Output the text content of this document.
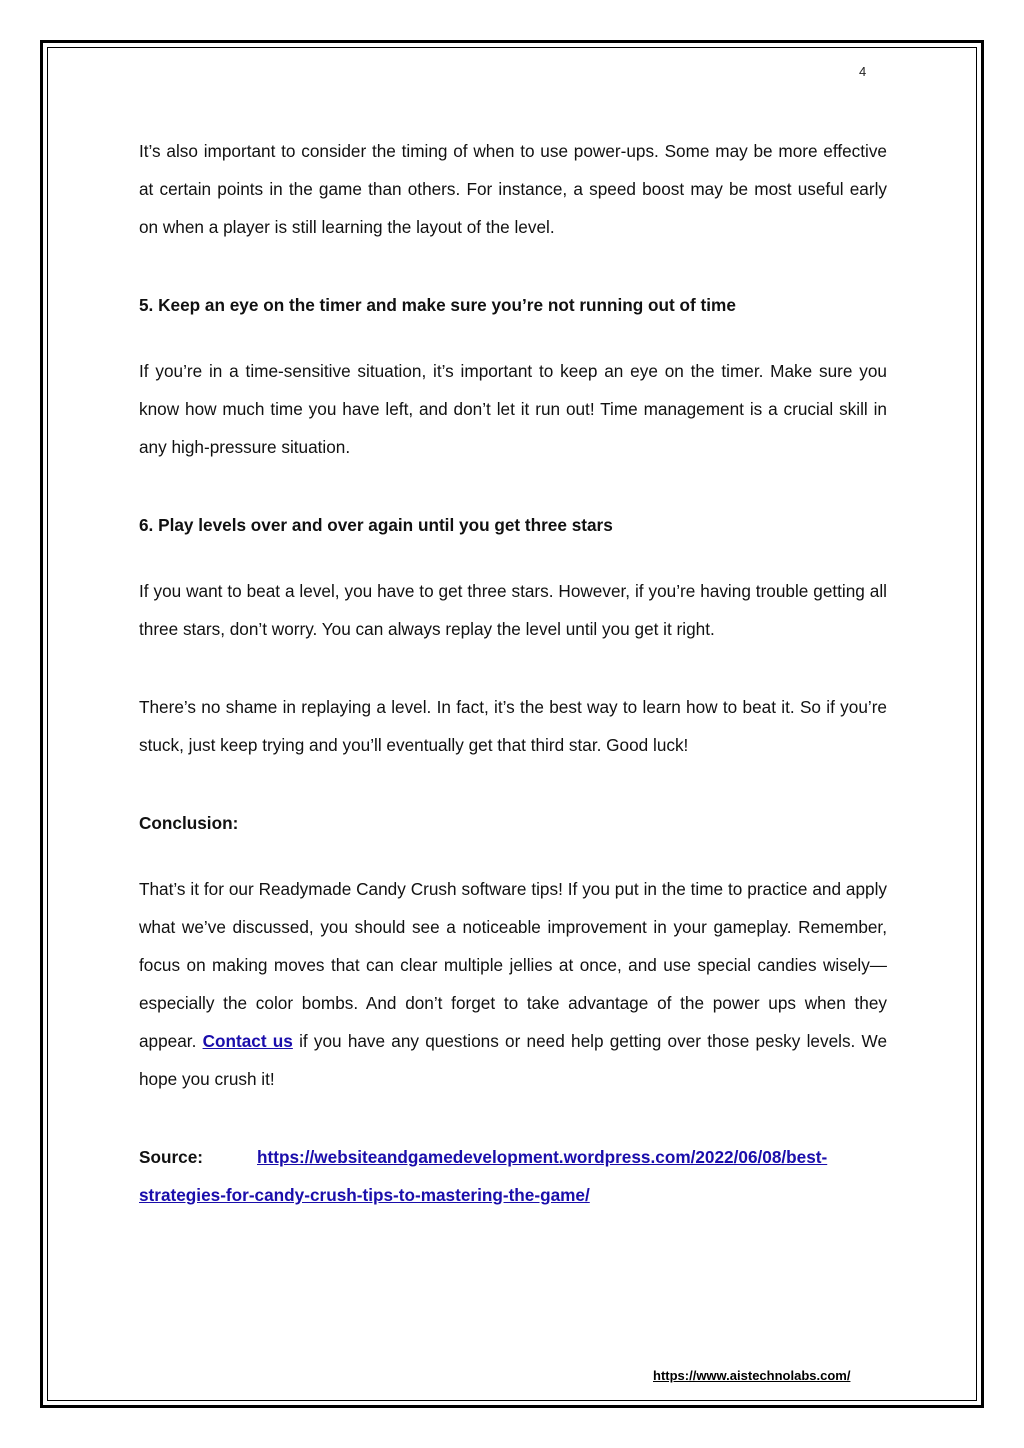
4

It’s also important to consider the timing of when to use power-ups. Some may be more effective at certain points in the game than others. For instance, a speed boost may be most useful early on when a player is still learning the layout of the level.

5. Keep an eye on the timer and make sure you’re not running out of time

If you’re in a time-sensitive situation, it’s important to keep an eye on the timer. Make sure you know how much time you have left, and don’t let it run out! Time management is a crucial skill in any high-pressure situation.

6. Play levels over and over again until you get three stars

If you want to beat a level, you have to get three stars. However, if you’re having trouble getting all three stars, don’t worry. You can always replay the level until you get it right.

There’s no shame in replaying a level. In fact, it’s the best way to learn how to beat it. So if you’re stuck, just keep trying and you’ll eventually get that third star. Good luck!

Conclusion:

That’s it for our Readymade Candy Crush software tips! If you put in the time to practice and apply what we’ve discussed, you should see a noticeable improvement in your gameplay. Remember, focus on making moves that can clear multiple jellies at once, and use special candies wisely—especially the color bombs. And don’t forget to take advantage of the power ups when they appear. Contact us if you have any questions or need help getting over those pesky levels. We hope you crush it!

Source:	https://websiteandgamedevelopment.wordpress.com/2022/06/08/best-strategies-for-candy-crush-tips-to-mastering-the-game/

https://www.aistechnolabs.com/
